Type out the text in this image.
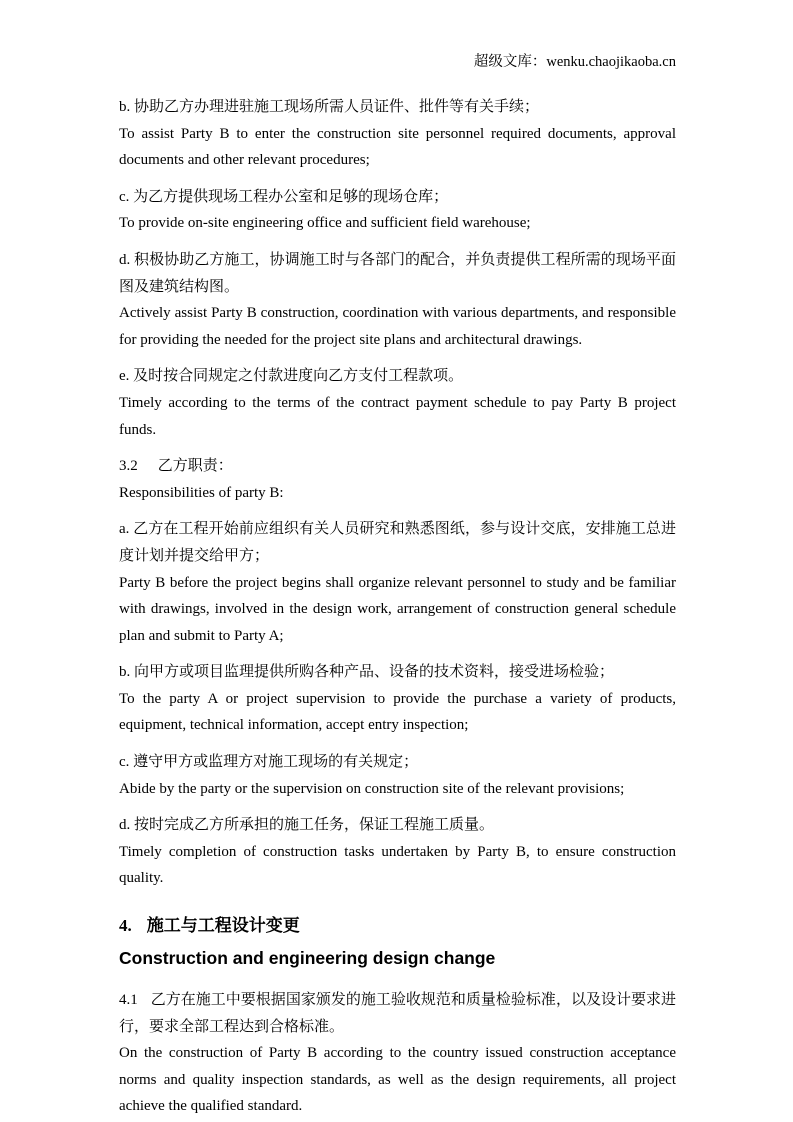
超级文库：wenku.chaojikaoba.cn

b. 协助乙方办理进驻施工现场所需人员证件、批件等有关手续；

To assist Party B to enter the construction site personnel required documents, approval documents and other relevant procedures;

c. 为乙方提供现场工程办公室和足够的现场仓库；

To provide on-site engineering office and sufficient field warehouse;

d. 积极协助乙方施工，协调施工时与各部门的配合，并负责提供工程所需的现场平面图及建筑结构图。

Actively assist Party B construction, coordination with various departments, and responsible for providing the needed for the project site plans and architectural drawings.

e. 及时按合同规定之付款进度向乙方支付工程款项。

Timely according to the terms of the contract payment schedule to pay Party B project funds.

3.2 乙方职责：

Responsibilities of party B:

a. 乙方在工程开始前应组织有关人员研究和熟悉图纸，参与设计交底，安排施工总进度计划并提交给甲方；

Party B before the project begins shall organize relevant personnel to study and be familiar with drawings, involved in the design work, arrangement of construction general schedule plan and submit to Party A;

b. 向甲方或项目监理提供所购各种产品、设备的技术资料，接受进场检验；

To the party A or project supervision to provide the purchase a variety of products, equipment, technical information, accept entry inspection;

c. 遵守甲方或监理方对施工现场的有关规定；

Abide by the party or the supervision on construction site of the relevant provisions;

d. 按时完成乙方所承担的施工任务，保证工程施工质量。

Timely completion of construction tasks undertaken by Party B, to ensure construction quality.

4. 施工与工程设计变更

Construction and engineering design change

4.1 乙方在施工中要根据国家颁发的施工验收规范和质量检验标准，以及设计要求进行，要求全部工程达到合格标准。

On the construction of Party B according to the country issued construction acceptance norms and quality inspection standards, as well as the design requirements, all project achieve the qualified standard.
